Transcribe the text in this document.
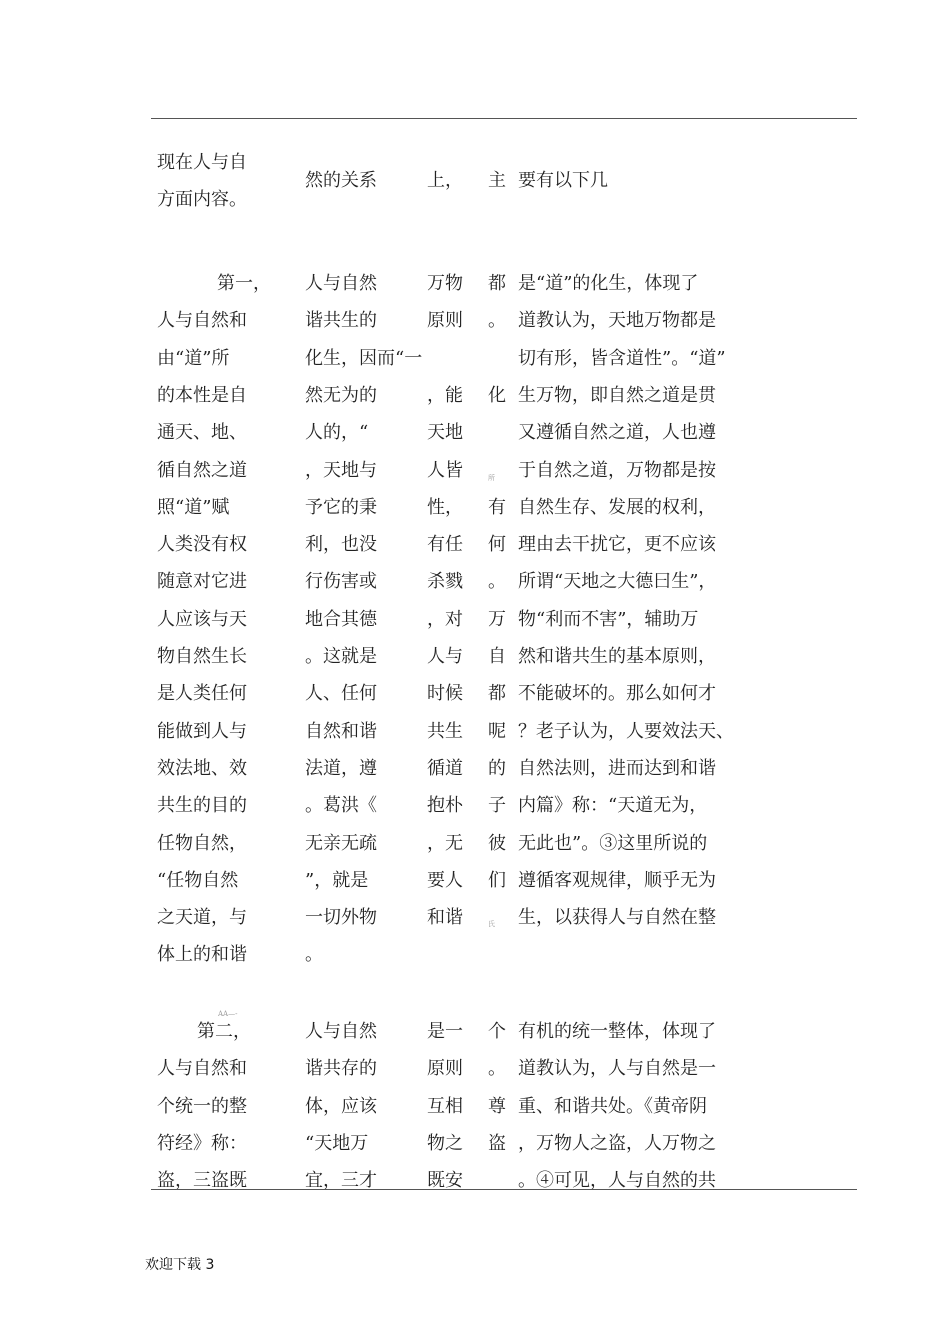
现在人与自
方面内容。
然的关系	上， 主 要有以下几
第一，
人与自然和
由“道”所
的本性是自
通天、地、
循自然之道
照“道”赋
人类没有权
随意对它进
人应该与天
物自然生长
是人类任何
能做到人与
效法地、效
共生的目的
任物自然，
“任物自然
之天道，与
体上的和谐
人与自然
谐共生的
化生，因而“一
然无为的
人的，“
，天地与
予它的秉
利，也没
行伤害或
地合其德
。这就是
人、任何
自然和谐
法道，遵
。葛洪《
无亲无疏
”，就是
一切外物
。
万物
原则
，能
天地
人皆
性，
有任
杀戮
，对
人与
时候
共生
循道
抱朴
，无
要人
和谐
都
。
化
有
何
。
万
自
都
呢
的
子
彼
们
是“道”的化生，体现了
道教认为，天地万物都是
切有形，皆含道性”。“道”
生万物，即自然之道是贯
又遵循自然之道，人也遵
于自然之道，万物都是按
自然生存、发展的权利，
理由去干扰它，更不应该
所谓“天地之大德曰生”，
物“利而不害”，辅助万
然和谐共生的基本原则，
不能破坏的。那么如何才
？老子认为，人要效法天、
自然法则，进而达到和谐
内篇》称：“天道无为，
无此也”。③这里所说的
遵循客观规律，顺乎无为
生，以获得人与自然在整
第二，
人与自然和
个统一的整
符经》称：
盗，三盗既
人与自然
谐共存的
体，应该
“天地万
宜，三才
是一
原则
互相
物之
既安
个
。
尊
盗
有机的统一整体，体现了
道教认为，人与自然是一
重、和谐共处。《黄帝阴
，万物人之盗，人万物之
。④可见，人与自然的共
所
氏
AA—-
欢迎下载 3
